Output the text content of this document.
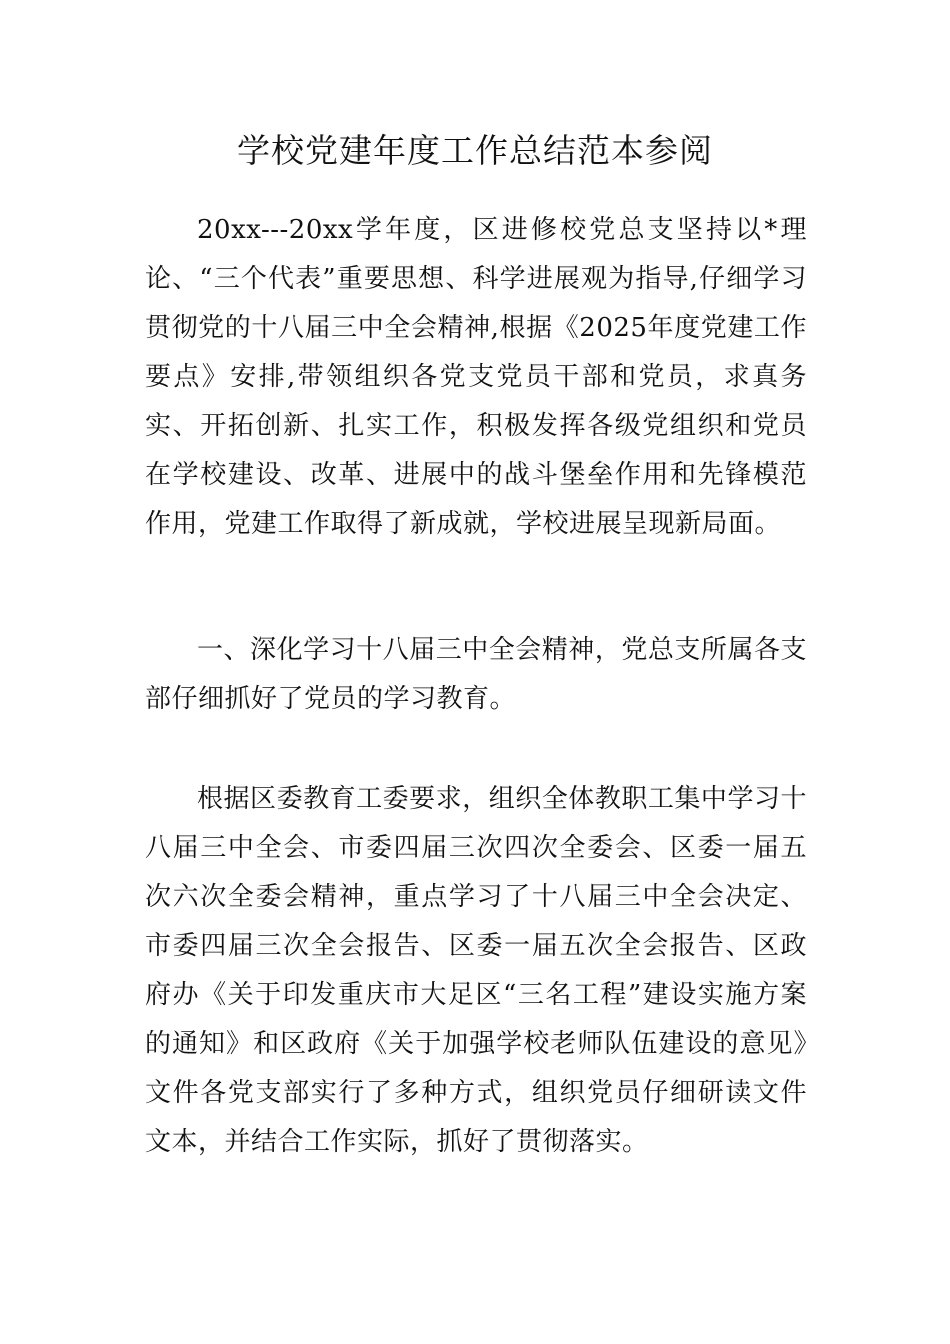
学校党建年度工作总结范本参阅

20xx---20xx学年度，区进修校党总支坚持以*理论、“三个代表”重要思想、科学进展观为指导,仔细学习贯彻党的十八届三中全会精神,根据《2025年度党建工作要点》安排,带领组织各党支党员干部和党员，求真务实、开拓创新、扎实工作，积极发挥各级党组织和党员在学校建设、改革、进展中的战斗堡垒作用和先锋模范作用，党建工作取得了新成就，学校进展呈现新局面。

一、深化学习十八届三中全会精神，党总支所属各支部仔细抓好了党员的学习教育。

根据区委教育工委要求，组织全体教职工集中学习十八届三中全会、市委四届三次四次全委会、区委一届五次六次全委会精神，重点学习了十八届三中全会决定、市委四届三次全会报告、区委一届五次全会报告、区政府办《关于印发重庆市大足区“三名工程”建设实施方案的通知》和区政府《关于加强学校老师队伍建设的意见》文件各党支部实行了多种方式，组织党员仔细研读文件文本，并结合工作实际，抓好了贯彻落实。
